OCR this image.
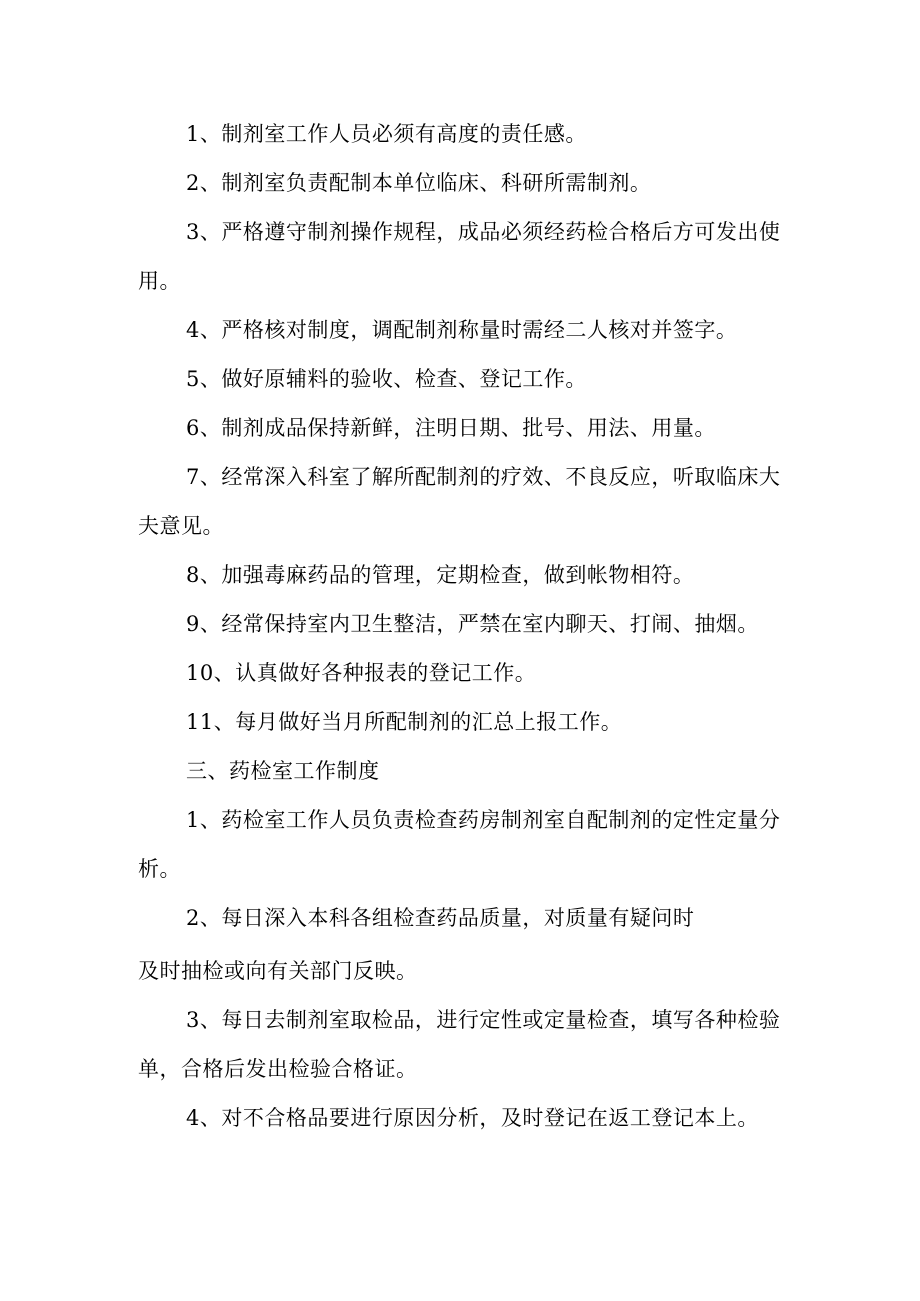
1、制剂室工作人员必须有高度的责任感。

2、制剂室负责配制本单位临床、科研所需制剂。

3、严格遵守制剂操作规程，成品必须经药检合格后方可发出使用。

4、严格核对制度，调配制剂称量时需经二人核对并签字。

5、做好原辅料的验收、检查、登记工作。

6、制剂成品保持新鲜，注明日期、批号、用法、用量。

7、经常深入科室了解所配制剂的疗效、不良反应，听取临床大夫意见。

8、加强毒麻药品的管理，定期检查，做到帐物相符。

9、经常保持室内卫生整洁，严禁在室内聊天、打闹、抽烟。

10、认真做好各种报表的登记工作。

11、每月做好当月所配制剂的汇总上报工作。

三、药检室工作制度

1、药检室工作人员负责检查药房制剂室自配制剂的定性定量分析。

2、每日深入本科各组检查药品质量，对质量有疑问时

及时抽检或向有关部门反映。

3、每日去制剂室取检品，进行定性或定量检查，填写各种检验单，合格后发出检验合格证。

4、对不合格品要进行原因分析，及时登记在返工登记本上。
